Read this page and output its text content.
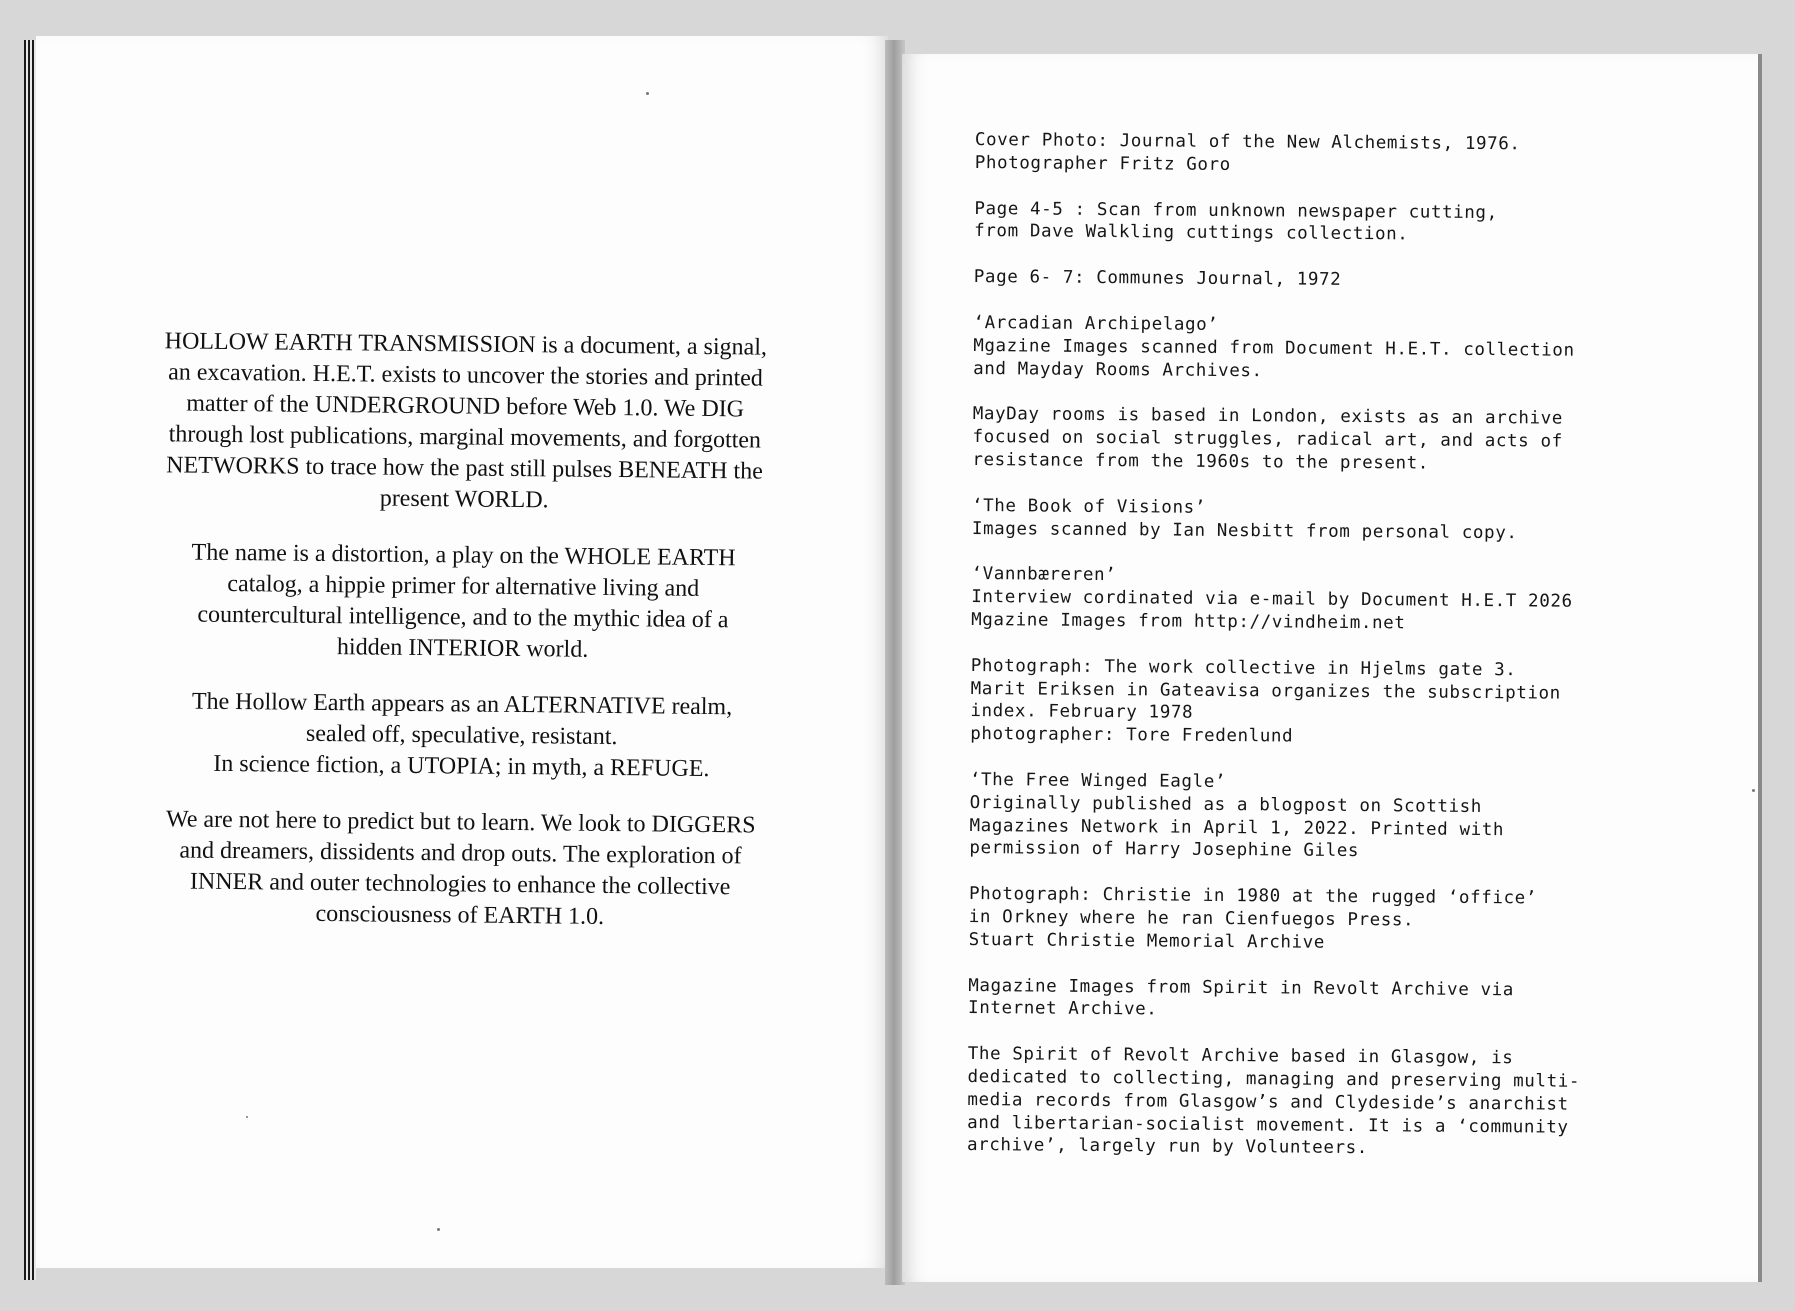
HOLLOW EARTH TRANSMISSION is a document, a signal,
an excavation. H.E.T. exists to uncover the stories and printed
matter of the UNDERGROUND before Web 1.0. We DIG
through lost publications, marginal movements, and forgotten
NETWORKS to trace how the past still pulses BENEATH the
present WORLD.

The name is a distortion, a play on the WHOLE EARTH
catalog, a hippie primer for alternative living and
countercultural intelligence, and to the mythic idea of a
hidden INTERIOR world.

The Hollow Earth appears as an ALTERNATIVE realm,
sealed off, speculative, resistant.
In science fiction, a UTOPIA; in myth, a REFUGE.

We are not here to predict but to learn. We look to DIGGERS
and dreamers, dissidents and drop outs. The exploration of
INNER and outer technologies to enhance the collective
consciousness of EARTH 1.0.

Cover Photo: Journal of the New Alchemists, 1976.
Photographer Fritz Goro

Page 4-5 : Scan from unknown newspaper cutting,
from Dave Walkling cuttings collection.

Page 6- 7: Communes Journal, 1972

‘Arcadian Archipelago’
Mgazine Images scanned from Document H.E.T. collection
and Mayday Rooms Archives.

MayDay rooms is based in London, exists as an archive
focused on social struggles, radical art, and acts of
resistance from the 1960s to the present.

‘The Book of Visions’
Images scanned by Ian Nesbitt from personal copy.

‘Vannbæreren’
Interview cordinated via e-mail by Document H.E.T 2026
Mgazine Images from http://vindheim.net

Photograph: The work collective in Hjelms gate 3.
Marit Eriksen in Gateavisa organizes the subscription
index. February 1978
photographer: Tore Fredenlund

‘The Free Winged Eagle’
Originally published as a blogpost on Scottish
Magazines Network in April 1, 2022. Printed with
permission of Harry Josephine Giles

Photograph: Christie in 1980 at the rugged ‘office’
in Orkney where he ran Cienfuegos Press.
Stuart Christie Memorial Archive

Magazine Images from Spirit in Revolt Archive via
Internet Archive.

The Spirit of Revolt Archive based in Glasgow, is
dedicated to collecting, managing and preserving multi-
media records from Glasgow’s and Clydeside’s anarchist
and libertarian-socialist movement. It is a ‘community
archive’, largely run by Volunteers.
